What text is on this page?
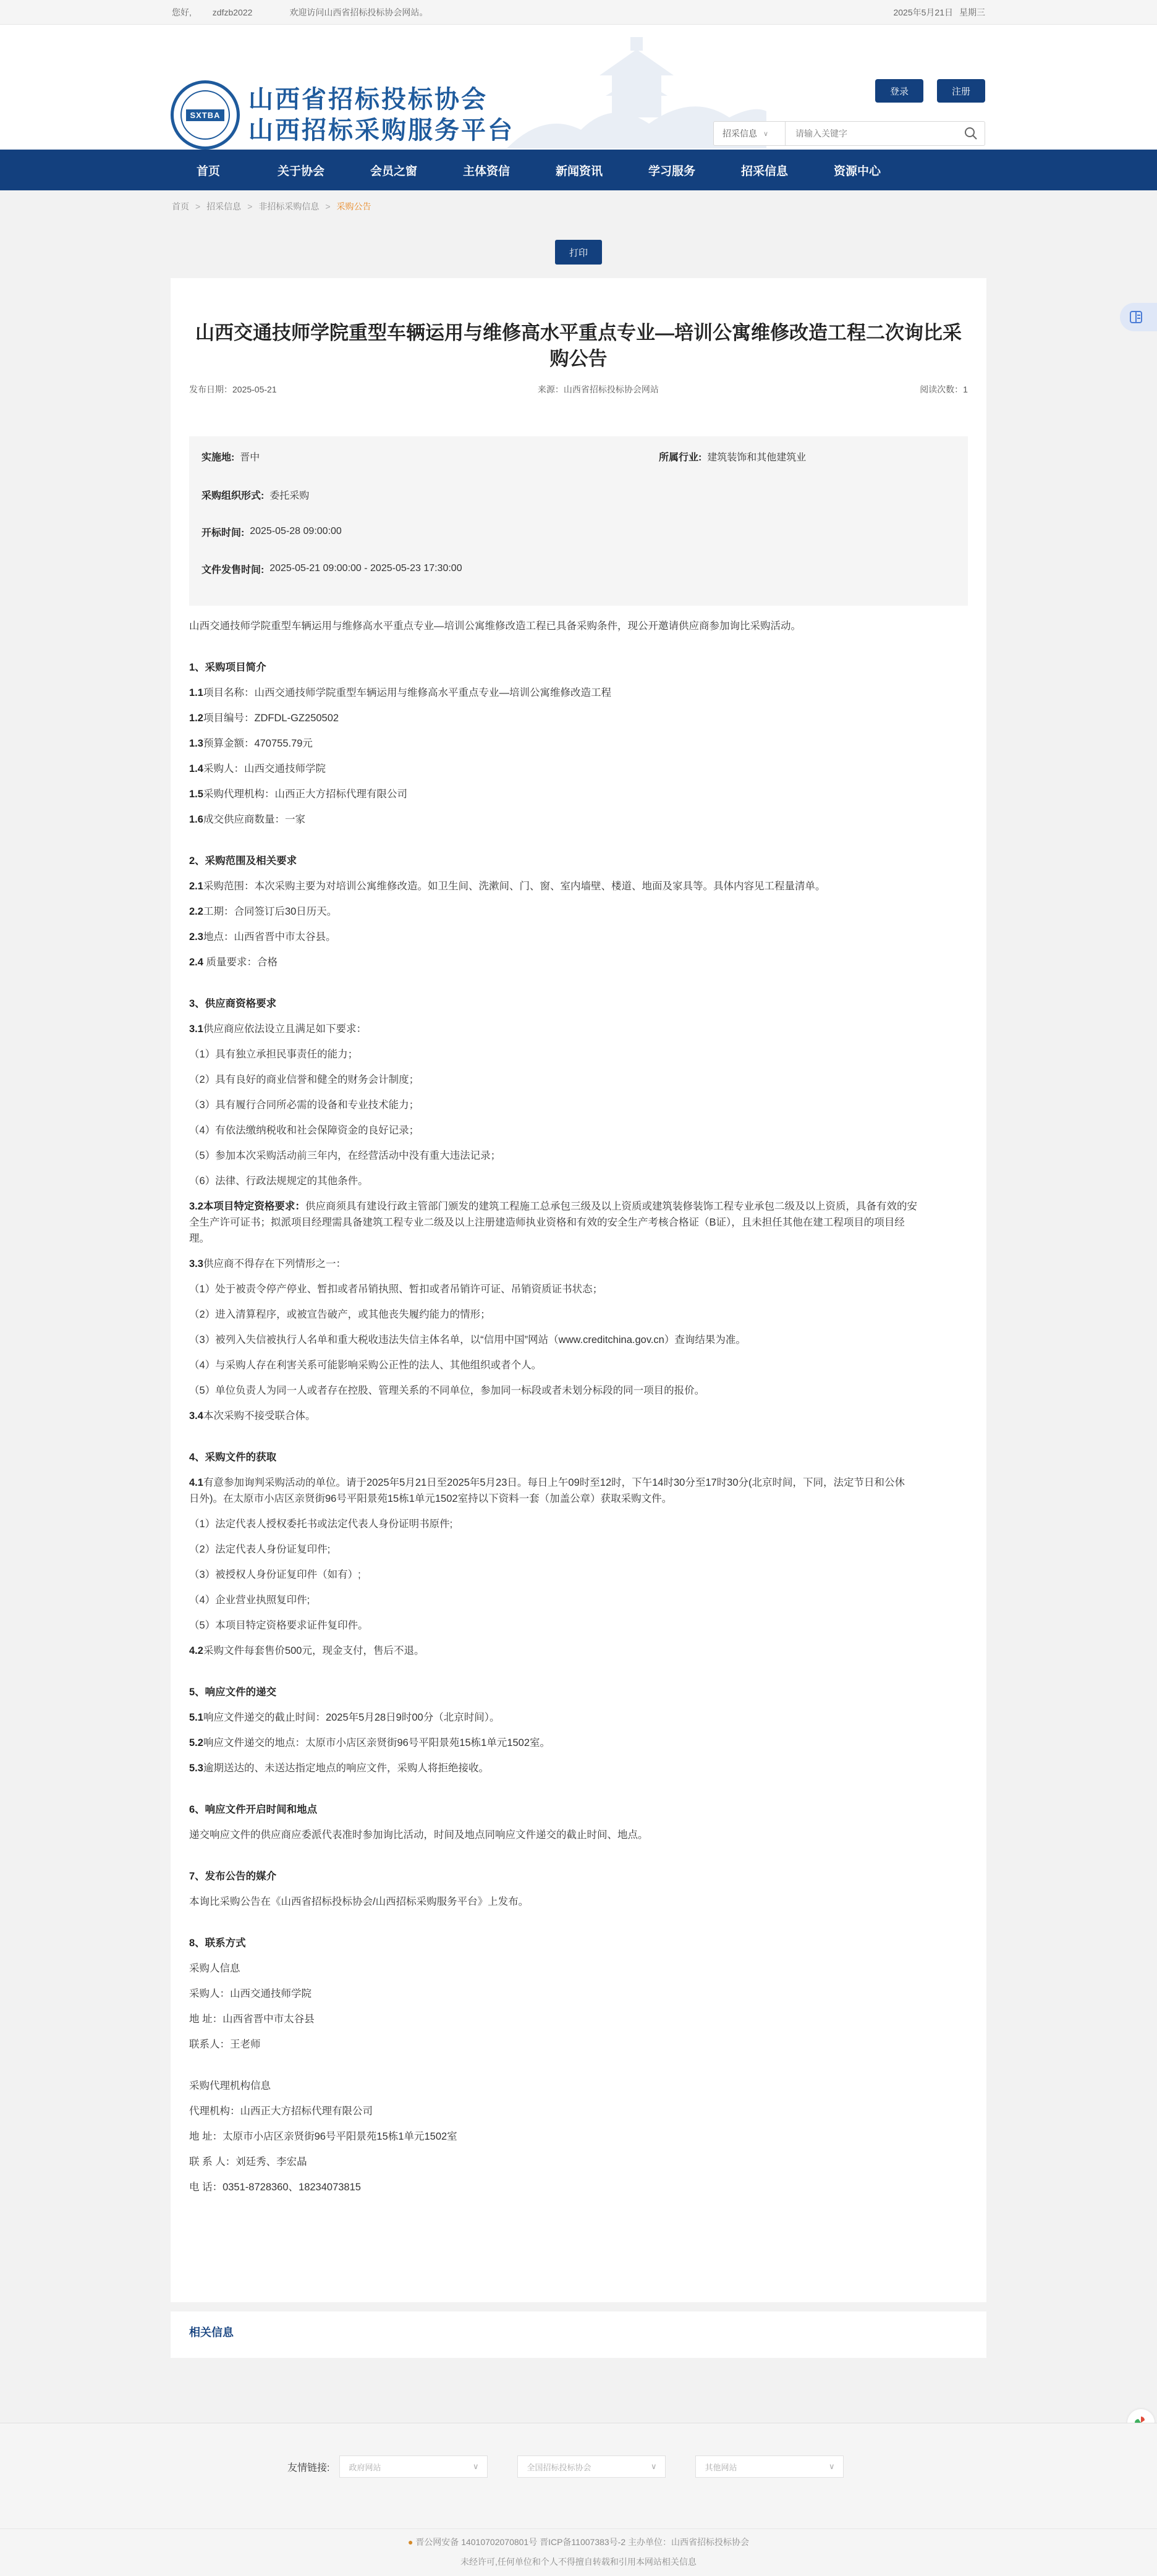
您好, zdfzb2022	欢迎访问山西省招标投标协会网站。	2025年5月21日 星期三
SXTBA
山西省招标投标协会
山西招标采购服务平台
登录	注册
招采信息 ∨
请输入关键字
首页	关于协会	会员之窗	主体资信	新闻资讯	学习服务	招采信息	资源中心
首页 > 招采信息 > 非招标采购信息 > 采购公告
打印
山西交通技师学院重型车辆运用与维修高水平重点专业—培训公寓维修改造工程二次询比采
购公告
发布日期：2025-05-21	来源：山西省招标投标协会网站	阅读次数：1
实施地: 晋中	所属行业: 建筑装饰和其他建筑业
采购组织形式:
委托采购
开标时间:
2025-05-28 09:00:00
文件发售时间:
2025-05-21 09:00:00 - 2025-05-23 17:30:00

山西交通技师学院重型车辆运用与维修高水平重点专业—培训公寓维修改造工程已具备采购条件，现公开邀请供应商参加询比采购活动。

1、采购项目简介

1.1项目名称：山西交通技师学院重型车辆运用与维修高水平重点专业—培训公寓维修改造工程

1.2项目编号：ZDFDL-GZ250502

1.3预算金额：470755.79元

1.4采购人：山西交通技师学院

1.5采购代理机构：山西正大方招标代理有限公司

1.6成交供应商数量：一家

2、采购范围及相关要求

2.1采购范围：本次采购主要为对培训公寓维修改造。如卫生间、洗漱间、门、窗、室内墙壁、楼道、地面及家具等。具体内容见工程量清单。

2.2工期：合同签订后30日历天。

2.3地点：山西省晋中市太谷县。

2.4 质量要求：合格

3、供应商资格要求

3.1供应商应依法设立且满足如下要求：

（1）具有独立承担民事责任的能力；

（2）具有良好的商业信誉和健全的财务会计制度；

（3）具有履行合同所必需的设备和专业技术能力；

（4）有依法缴纳税收和社会保障资金的良好记录；

（5）参加本次采购活动前三年内，在经营活动中没有重大违法记录；

（6）法律、行政法规规定的其他条件。

3.2本项目特定资格要求：供应商须具有建设行政主管部门颁发的建筑工程施工总承包三级及以上资质或建筑装修装饰工程专业承包二级及以上资质，具备有效的安
全生产许可证书；拟派项目经理需具备建筑工程专业二级及以上注册建造师执业资格和有效的安全生产考核合格证（B证），且未担任其他在建工程项目的项目经
理。

3.3供应商不得存在下列情形之一：

（1）处于被责令停产停业、暂扣或者吊销执照、暂扣或者吊销许可证、吊销资质证书状态；

（2）进入清算程序，或被宣告破产，或其他丧失履约能力的情形；

（3）被列入失信被执行人名单和重大税收违法失信主体名单，以“信用中国”网站（www.creditchina.gov.cn）查询结果为准。

（4）与采购人存在利害关系可能影响采购公正性的法人、其他组织或者个人。

（5）单位负责人为同一人或者存在控股、管理关系的不同单位，参加同一标段或者未划分标段的同一项目的报价。

3.4本次采购不接受联合体。

4、采购文件的获取

4.1有意参加询判采购活动的单位。请于2025年5月21日至2025年5月23日。每日上午09时至12时，下午14时30分至17时30分(北京时间，下同，法定节日和公休
日外)。在太原市小店区亲贤街96号平阳景苑15栋1单元1502室持以下资料一套（加盖公章）获取采购文件。

（1）法定代表人授权委托书或法定代表人身份证明书原件;

（2）法定代表人身份证复印件;

（3）被授权人身份证复印件（如有）;

（4）企业营业执照复印件;

（5）本项目特定资格要求证件复印件。

4.2采购文件每套售价500元，现金支付，售后不退。

5、响应文件的递交

5.1响应文件递交的截止时间：2025年5月28日9时00分（北京时间）。

5.2响应文件递交的地点：太原市小店区亲贤街96号平阳景苑15栋1单元1502室。

5.3逾期送达的、未送达指定地点的响应文件，采购人将拒绝接收。

6、响应文件开启时间和地点

递交响应文件的供应商应委派代表准时参加询比活动，时间及地点同响应文件递交的截止时间、地点。

7、发布公告的媒介

本询比采购公告在《山西省招标投标协会/山西招标采购服务平台》上发布。

8、联系方式

采购人信息

采购人：山西交通技师学院

地 址：山西省晋中市太谷县

联系人：王老师

采购代理机构信息

代理机构：山西正大方招标代理有限公司

地 址：太原市小店区亲贤街96号平阳景苑15栋1单元1502室

联 系 人：刘廷秀、李宏晶

电 话：0351-8728360、18234073815

相关信息
友情链接: 政府网站	∨	全国招标投标协会	∨	其他网站	∨
● 晋公网安备 14010702070801号 晋ICP备11007383号-2 主办单位：山西省招标投标协会
未经许可,任何单位和个人不得擅自转载和引用本网站相关信息
